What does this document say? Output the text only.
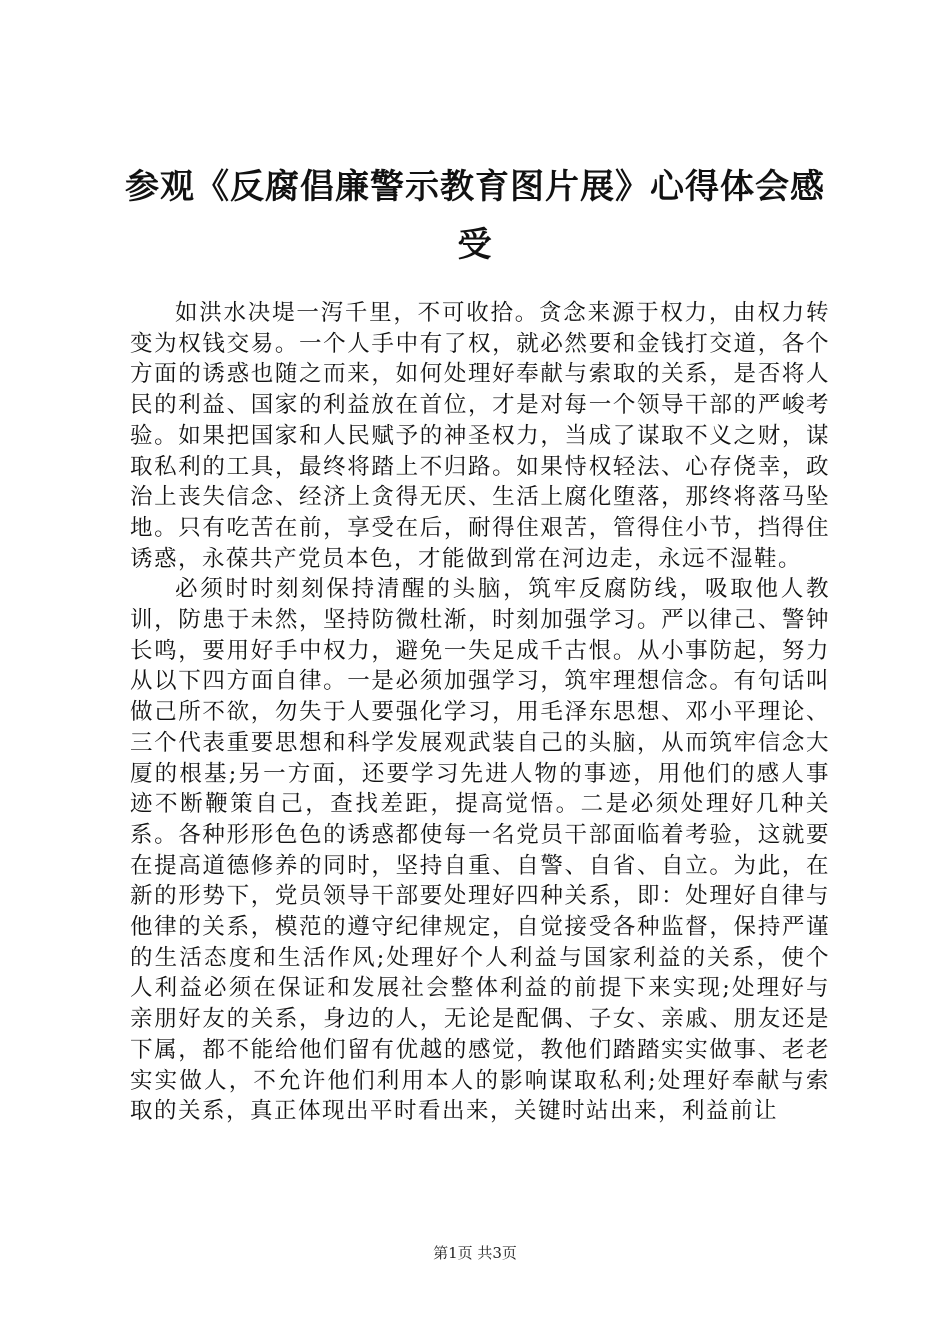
参观《反腐倡廉警示教育图片展》心得体会感受

如洪水决堤一泻千里，不可收拾。贪念来源于权力，由权力转变为权钱交易。一个人手中有了权，就必然要和金钱打交道，各个方面的诱惑也随之而来，如何处理好奉献与索取的关系，是否将人民的利益、国家的利益放在首位，才是对每一个领导干部的严峻考验。如果把国家和人民赋予的神圣权力，当成了谋取不义之财，谋取私利的工具，最终将踏上不归路。如果恃权轻法、心存侥幸，政治上丧失信念、经济上贪得无厌、生活上腐化堕落，那终将落马坠地。只有吃苦在前，享受在后，耐得住艰苦，管得住小节，挡得住诱惑，永葆共产党员本色，才能做到常在河边走，永远不湿鞋。

必须时时刻刻保持清醒的头脑，筑牢反腐防线，吸取他人教训，防患于未然，坚持防微杜渐，时刻加强学习。严以律己、警钟长鸣，要用好手中权力，避免一失足成千古恨。从小事防起，努力从以下四方面自律。一是必须加强学习，筑牢理想信念。有句话叫做己所不欲，勿失于人要强化学习，用毛泽东思想、邓小平理论、三个代表重要思想和科学发展观武装自己的头脑，从而筑牢信念大厦的根基;另一方面，还要学习先进人物的事迹，用他们的感人事迹不断鞭策自己，查找差距，提高觉悟。二是必须处理好几种关系。各种形形色色的诱惑都使每一名党员干部面临着考验，这就要在提高道德修养的同时，坚持自重、自警、自省、自立。为此，在新的形势下，党员领导干部要处理好四种关系，即：处理好自律与他律的关系，模范的遵守纪律规定，自觉接受各种监督，保持严谨的生活态度和生活作风;处理好个人利益与国家利益的关系，使个人利益必须在保证和发展社会整体利益的前提下来实现;处理好与亲朋好友的关系，身边的人，无论是配偶、子女、亲戚、朋友还是下属，都不能给他们留有优越的感觉，教他们踏踏实实做事、老老实实做人，不允许他们利用本人的影响谋取私利;处理好奉献与索取的关系，真正体现出平时看出来，关键时站出来，利益前让

第1页 共3页
